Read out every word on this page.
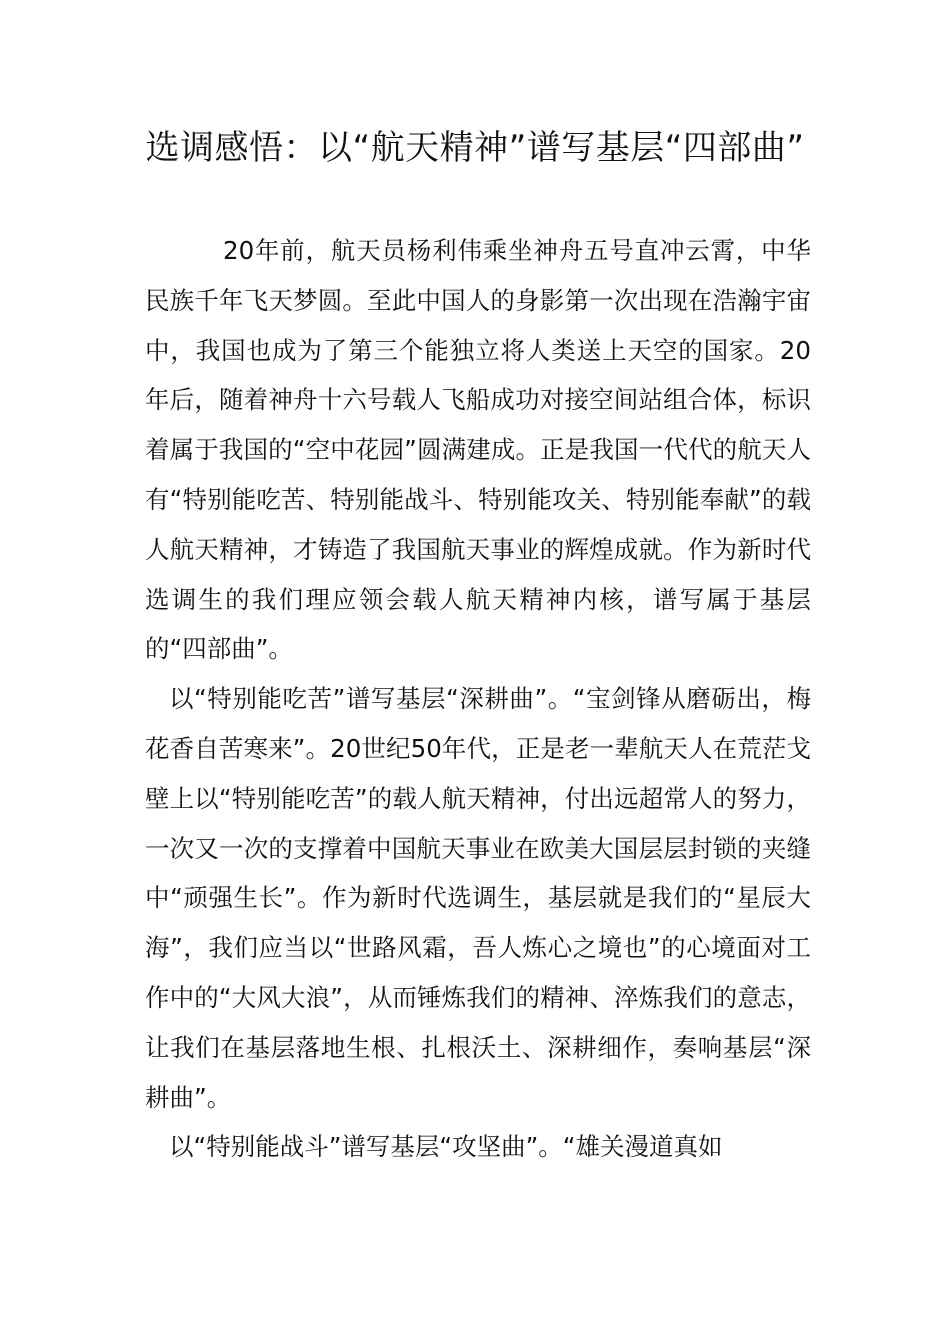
选调感悟：以“航天精神”谱写基层“四部曲”

20年前，航天员杨利伟乘坐神舟五号直冲云霄，中华民族千年飞天梦圆。至此中国人的身影第一次出现在浩瀚宇宙中，我国也成为了第三个能独立将人类送上天空的国家。20年后，随着神舟十六号载人飞船成功对接空间站组合体，标识着属于我国的“空中花园”圆满建成。正是我国一代代的航天人有“特别能吃苦、特别能战斗、特别能攻关、特别能奉献”的载人航天精神，才铸造了我国航天事业的辉煌成就。作为新时代选调生的我们理应领会载人航天精神内核，谱写属于基层的“四部曲”。

以“特别能吃苦”谱写基层“深耕曲”。“宝剑锋从磨砺出，梅花香自苦寒来”。20世纪50年代，正是老一辈航天人在荒茫戈壁上以“特别能吃苦”的载人航天精神，付出远超常人的努力，一次又一次的支撑着中国航天事业在欧美大国层层封锁的夹缝中“顽强生长”。作为新时代选调生，基层就是我们的“星辰大海”，我们应当以“世路风霜，吾人炼心之境也”的心境面对工作中的“大风大浪”，从而锤炼我们的精神、淬炼我们的意志，让我们在基层落地生根、扎根沃土、深耕细作，奏响基层“深耕曲”。

以“特别能战斗”谱写基层“攻坚曲”。“雄关漫道真如
